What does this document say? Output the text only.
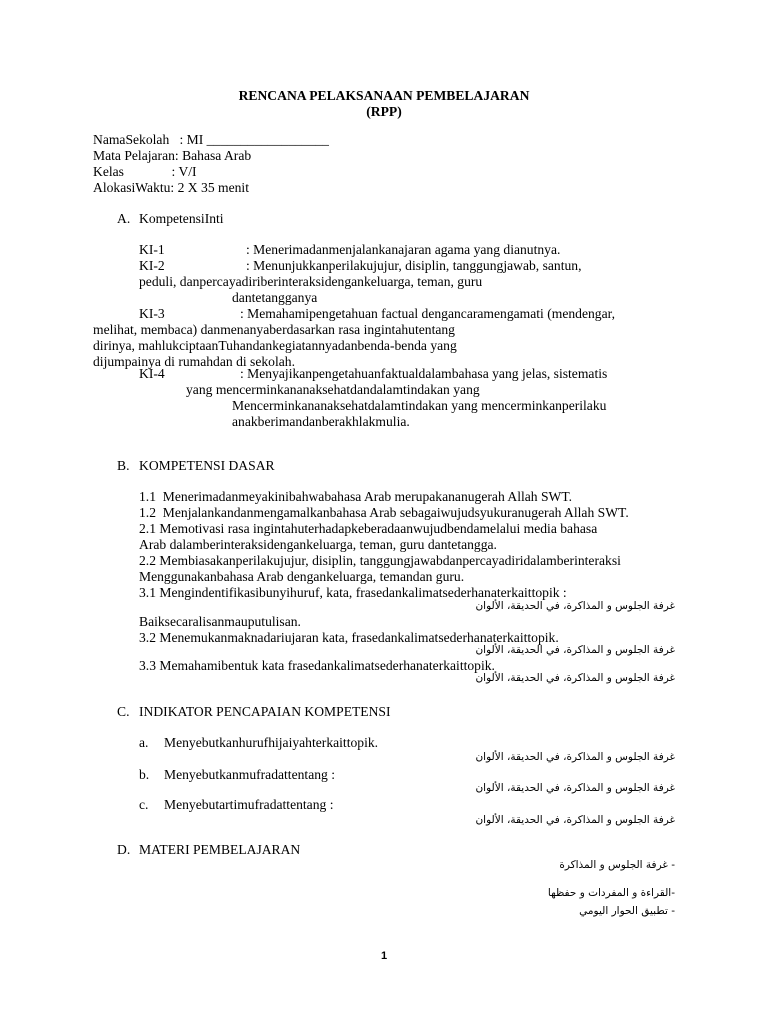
RENCANA PELAKSANAAN PEMBELAJARAN
(RPP)
NamaSekolah   : MI __________________
Mata Pelajaran: Bahasa Arab
Kelas              : V/I
AlokasiWaktu: 2 X 35 menit
A. KompetensiInti
KI-1	: Menerimadanmenjalankanajaran agama yang dianutnya.
KI-2	: Menunjukkanperilakujujur, disiplin, tanggungjawab, santun,
peduli, danpercayadiriberinteraksidengankeluarga, teman, guru
dantetangganya
KI-3	: Memahamipengetahuan factual dengancaramengamati (mendengar,
melihat, membaca) danmenanyaberdasarkan rasa ingintahutentang
dirinya, mahlukciptaanTuhandankegiatannyadanbenda-benda yang
dijumpainya di rumahdan di sekolah.
KI-4	: Menyajikanpengetahuanfaktualdalambahasa yang jelas, sistematis
yang mencerminkananaksehatdandalamtindakan yang
Mencerminkananaksehatdalamtindakan yang mencerminkanperilaku
anakberimandanberakhlakmulia.
B. KOMPETENSI DASAR
1.1  Menerimadanmeyakinibahwabahasa Arab merupakananugerah Allah SWT.
1.2  Menjalankandanmengamalkanbahasa Arab sebagaiwujudsyukuranugerah Allah SWT.
2.1 Memotivasi rasa ingintahuterhadapkeberadaanwujudbendamelalui media bahasa
Arab dalamberinteraksidengankeluarga, teman, guru dantetangga.
2.2 Membiasakanperilakujujur, disiplin, tanggungjawabdanpercayadiridalamberinteraksi
Menggunakanbahasa Arab dengankeluarga, temandan guru.
3.1 Mengindentifikasibunyihuruf, kata, frasedankalimatsederhanaterkaittopik :
غرفة الجلوس و المذاكرة، في الحديقة، الألوان
Baiksecaralisanmauputulisan.
3.2 Menemukanmaknadariujaran kata, frasedankalimatsederhanaterkaittopik.
غرفة الجلوس و المذاكرة، في الحديقة، الألوان
3.3 Memahamibentuk kata frasedankalimatsederhanaterkaittopik.
غرفة الجلوس و المذاكرة، في الحديقة، الألوان
C. INDIKATOR PENCAPAIAN KOMPETENSI
a. Menyebutkanhurufhijaiyahterkaittopik.
غرفة الجلوس و المذاكرة، في الحديقة، الألوان
b. Menyebutkanmufradattentang :
غرفة الجلوس و المذاكرة، في الحديقة، الألوان
c. Menyebutartimufradattentang :
غرفة الجلوس و المذاكرة، في الحديقة، الألوان
D. MATERI PEMBELAJARAN
- غرفة الجلوس و المذاكرة
-القراءة و المفردات و حفظها
- تطبيق الحوار اليومي
1
